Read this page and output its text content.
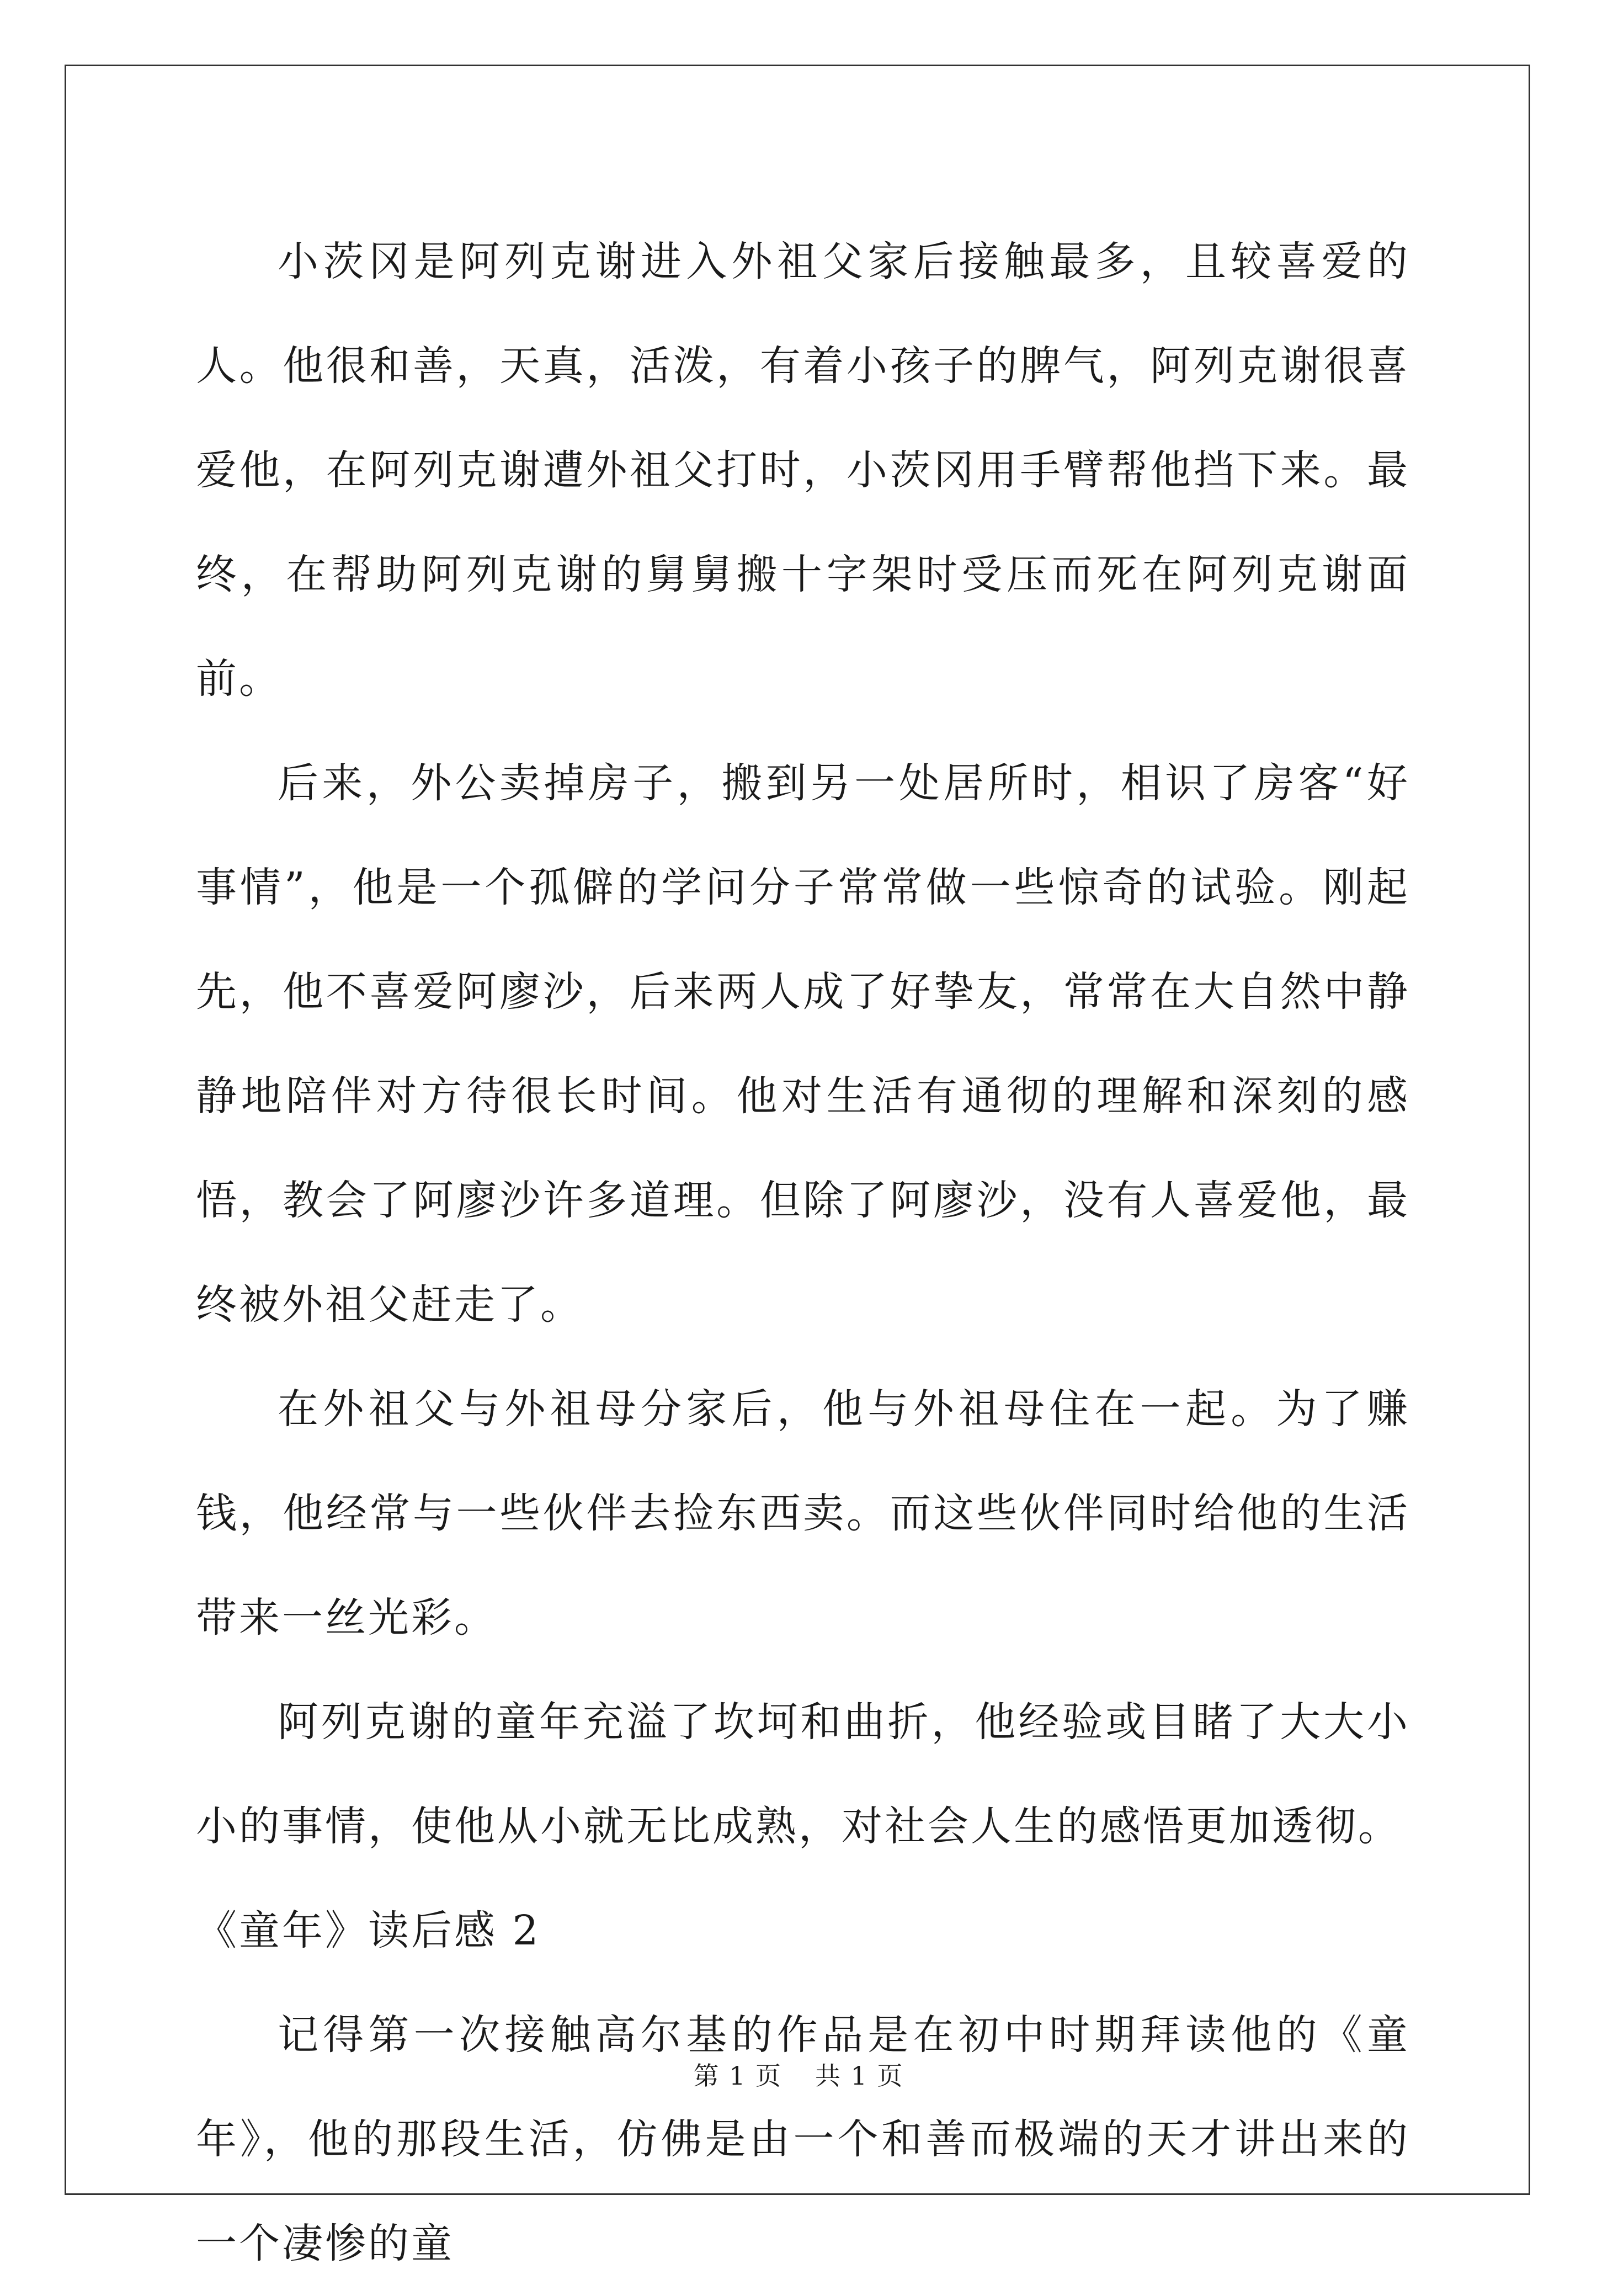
小茨冈是阿列克谢进入外祖父家后接触最多，且较喜爱的人。他很和善，天真，活泼，有着小孩子的脾气，阿列克谢很喜爱他，在阿列克谢遭外祖父打时，小茨冈用手臂帮他挡下来。最终，在帮助阿列克谢的舅舅搬十字架时受压而死在阿列克谢面前。

后来，外公卖掉房子，搬到另一处居所时，相识了房客“好事情”，他是一个孤僻的学问分子常常做一些惊奇的试验。刚起先，他不喜爱阿廖沙，后来两人成了好挚友，常常在大自然中静静地陪伴对方待很长时间。他对生活有通彻的理解和深刻的感悟，教会了阿廖沙许多道理。但除了阿廖沙，没有人喜爱他，最终被外祖父赶走了。

在外祖父与外祖母分家后，他与外祖母住在一起。为了赚钱，他经常与一些伙伴去捡东西卖。而这些伙伴同时给他的生活带来一丝光彩。

阿列克谢的童年充溢了坎坷和曲折，他经验或目睹了大大小小的事情，使他从小就无比成熟，对社会人生的感悟更加透彻。

《童年》读后感 2

记得第一次接触高尔基的作品是在初中时期拜读他的《童年》，他的那段生活，仿佛是由一个和善而极端的天才讲出来的一个凄惨的童

第 1 页 共 1 页
